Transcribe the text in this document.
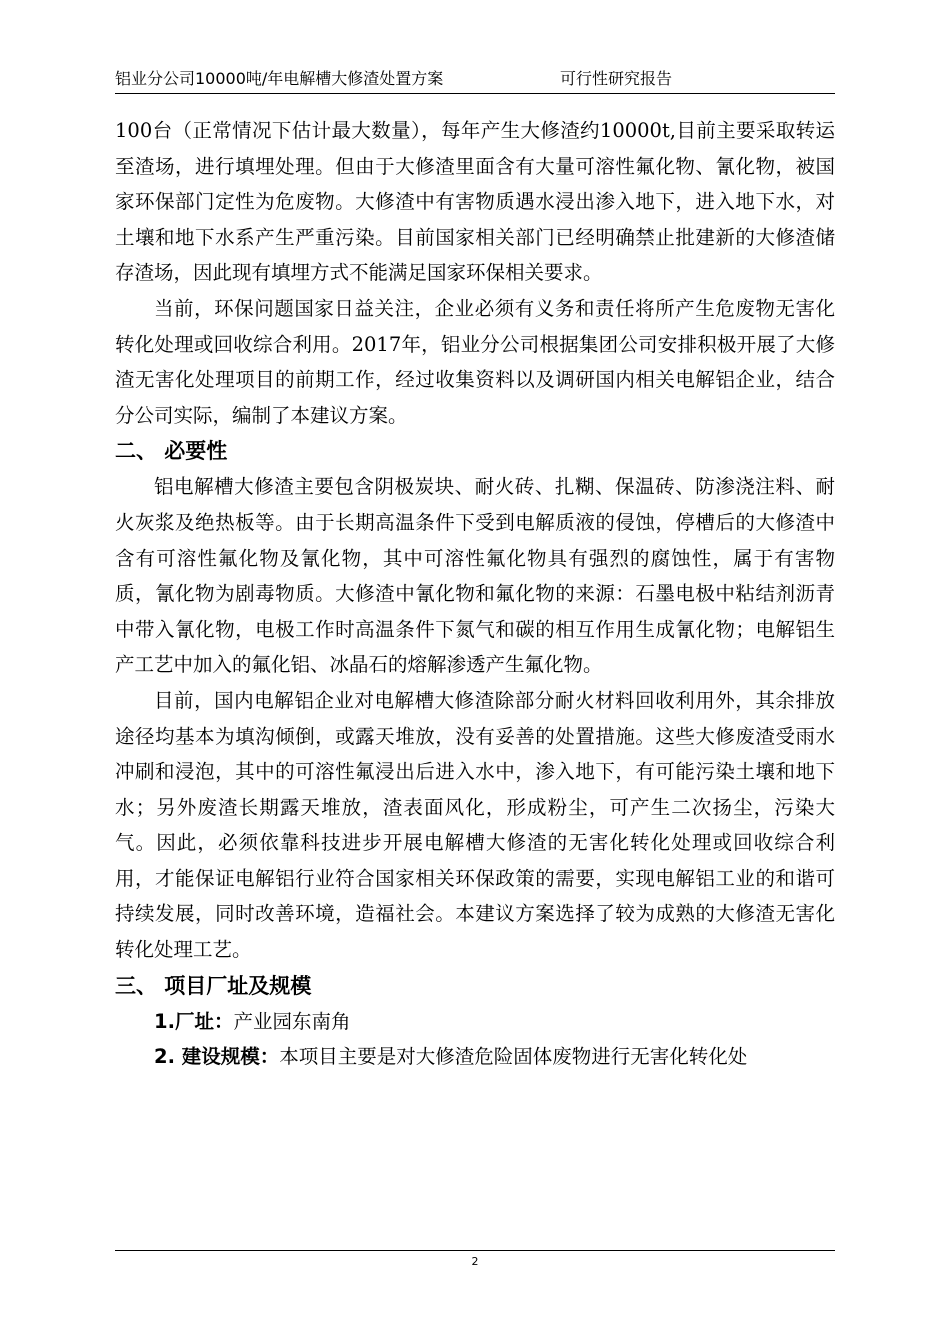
铝业分公司10000吨/年电解槽大修渣处置方案	可行性研究报告

100台（正常情况下估计最大数量），每年产生大修渣约10000t,目前主要采取转运至渣场，进行填埋处理。但由于大修渣里面含有大量可溶性氟化物、氰化物，被国家环保部门定性为危废物。大修渣中有害物质遇水浸出渗入地下，进入地下水，对土壤和地下水系产生严重污染。目前国家相关部门已经明确禁止批建新的大修渣储存渣场，因此现有填埋方式不能满足国家环保相关要求。

当前，环保问题国家日益关注，企业必须有义务和责任将所产生危废物无害化转化处理或回收综合利用。2017年，铝业分公司根据集团公司安排积极开展了大修渣无害化处理项目的前期工作，经过收集资料以及调研国内相关电解铝企业，结合分公司实际，编制了本建议方案。

二、 必要性

铝电解槽大修渣主要包含阴极炭块、耐火砖、扎糊、保温砖、防渗浇注料、耐火灰浆及绝热板等。由于长期高温条件下受到电解质液的侵蚀，停槽后的大修渣中含有可溶性氟化物及氰化物，其中可溶性氟化物具有强烈的腐蚀性，属于有害物质，氰化物为剧毒物质。大修渣中氰化物和氟化物的来源：石墨电极中粘结剂沥青中带入氰化物，电极工作时高温条件下氮气和碳的相互作用生成氰化物；电解铝生产工艺中加入的氟化铝、冰晶石的熔解渗透产生氟化物。

目前，国内电解铝企业对电解槽大修渣除部分耐火材料回收利用外，其余排放途径均基本为填沟倾倒，或露天堆放，没有妥善的处置措施。这些大修废渣受雨水冲刷和浸泡，其中的可溶性氟浸出后进入水中，渗入地下，有可能污染土壤和地下水；另外废渣长期露天堆放，渣表面风化，形成粉尘，可产生二次扬尘，污染大气。因此，必须依靠科技进步开展电解槽大修渣的无害化转化处理或回收综合利用，才能保证电解铝行业符合国家相关环保政策的需要，实现电解铝工业的和谐可持续发展，同时改善环境，造福社会。本建议方案选择了较为成熟的大修渣无害化转化处理工艺。

三、 项目厂址及规模

1.厂址：产业园东南角

2. 建设规模：本项目主要是对大修渣危险固体废物进行无害化转化处

2
